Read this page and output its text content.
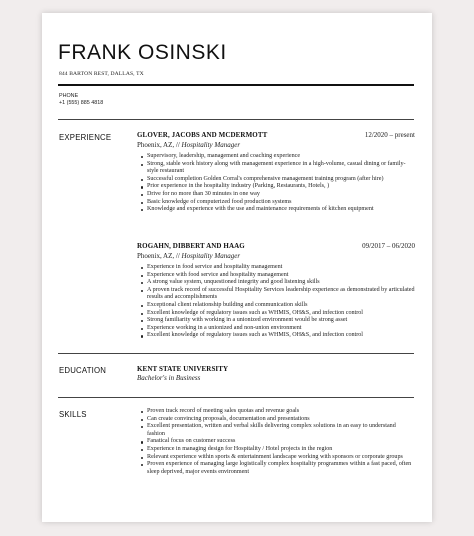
FRANK OSINSKI
844 BARTON REST, DALLAS, TX
PHONE
+1 (555) 885 4818
EXPERIENCE	GLOVER, JACOBS AND MCDERMOTT	12/2020 – present
Phoenix, AZ, // Hospitality Manager
Supervisory, leadership, management and coaching experience
Strong, stable work history along with management experience in a high-volume, casual dining or family-style restaurant
Successful completion Golden Corral's comprehensive management training program (after hire)
Prior experience in the hospitality industry (Parking, Restaurants, Hotels, )
Drive for no more than 30 minutes in one way
Basic knowledge of computerized food production systems
Knowledge and experience with the use and maintenance requirements of kitchen equipment
ROGAHN, DIBBERT AND HAAG	09/2017 – 06/2020
Phoenix, AZ, // Hospitality Manager
Experience in food service and hospitality management
Experience with food service and hospitality management
A strong value system, unquestioned integrity and good listening skills
A proven track record of successful Hospitality Services leadership experience as demonstrated by articulated results and accomplishments
Exceptional client relationship building and communication skills
Excellent knowledge of regulatory issues such as WHMIS, OH&S, and infection control
Strong familiarity with working in a unionized environment would be strong asset
Experience working in a unionized and non-union environment
Excellent knowledge of regulatory issues such as WHMIS, OH&S, and infection control
EDUCATION	KENT STATE UNIVERSITY
Bachelor's in Business
SKILLS	Proven track record of meeting sales quotas and revenue goals
Can create convincing proposals, documentation and presentations
Excellent presentation, written and verbal skills delivering complex solutions in an easy to understand fashion
Fanatical focus on customer success
Experience in managing design for Hospitality / Hotel projects in the region
Relevant experience within sports & entertainment landscape working with sponsors or corporate groups
Proven experience of managing large logistically complex hospitality programmes within a fast paced, often sleep deprived, major events environment
